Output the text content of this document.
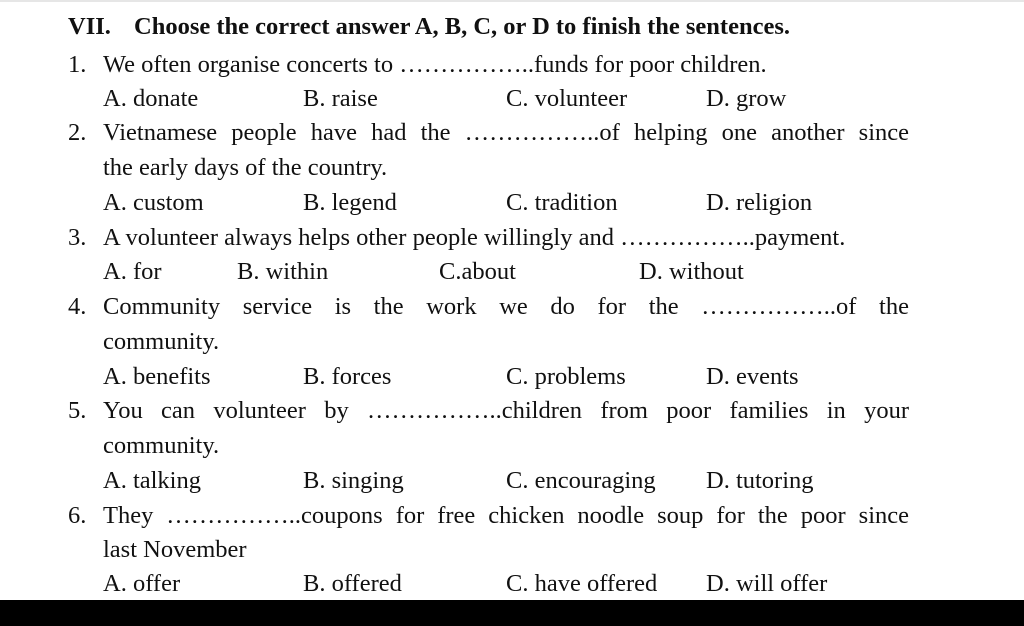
VII. Choose the correct answer A, B, C, or D to finish the sentences.
1. We often organise concerts to ……………..funds for poor children.
A. donate	B. raise	C. volunteer	D. grow
2. Vietnamese people have had the ……………..of helping one another since
the early days of the country.
A. custom	B. legend	C. tradition	D. religion
3. A volunteer always helps other people willingly and ……………..payment.
A. for	B. within	C.about	D. without
4. Community service is the work we do for the ……………..of the
community.
A. benefits	B. forces	C. problems	D. events
5. You can volunteer by ……………..children from poor families in your
community.
A. talking	B. singing	C. encouraging D. tutoring
6. They ……………..coupons for free chicken noodle soup for the poor since
last November
A. offer	B. offered	C. have offered D. will offer
